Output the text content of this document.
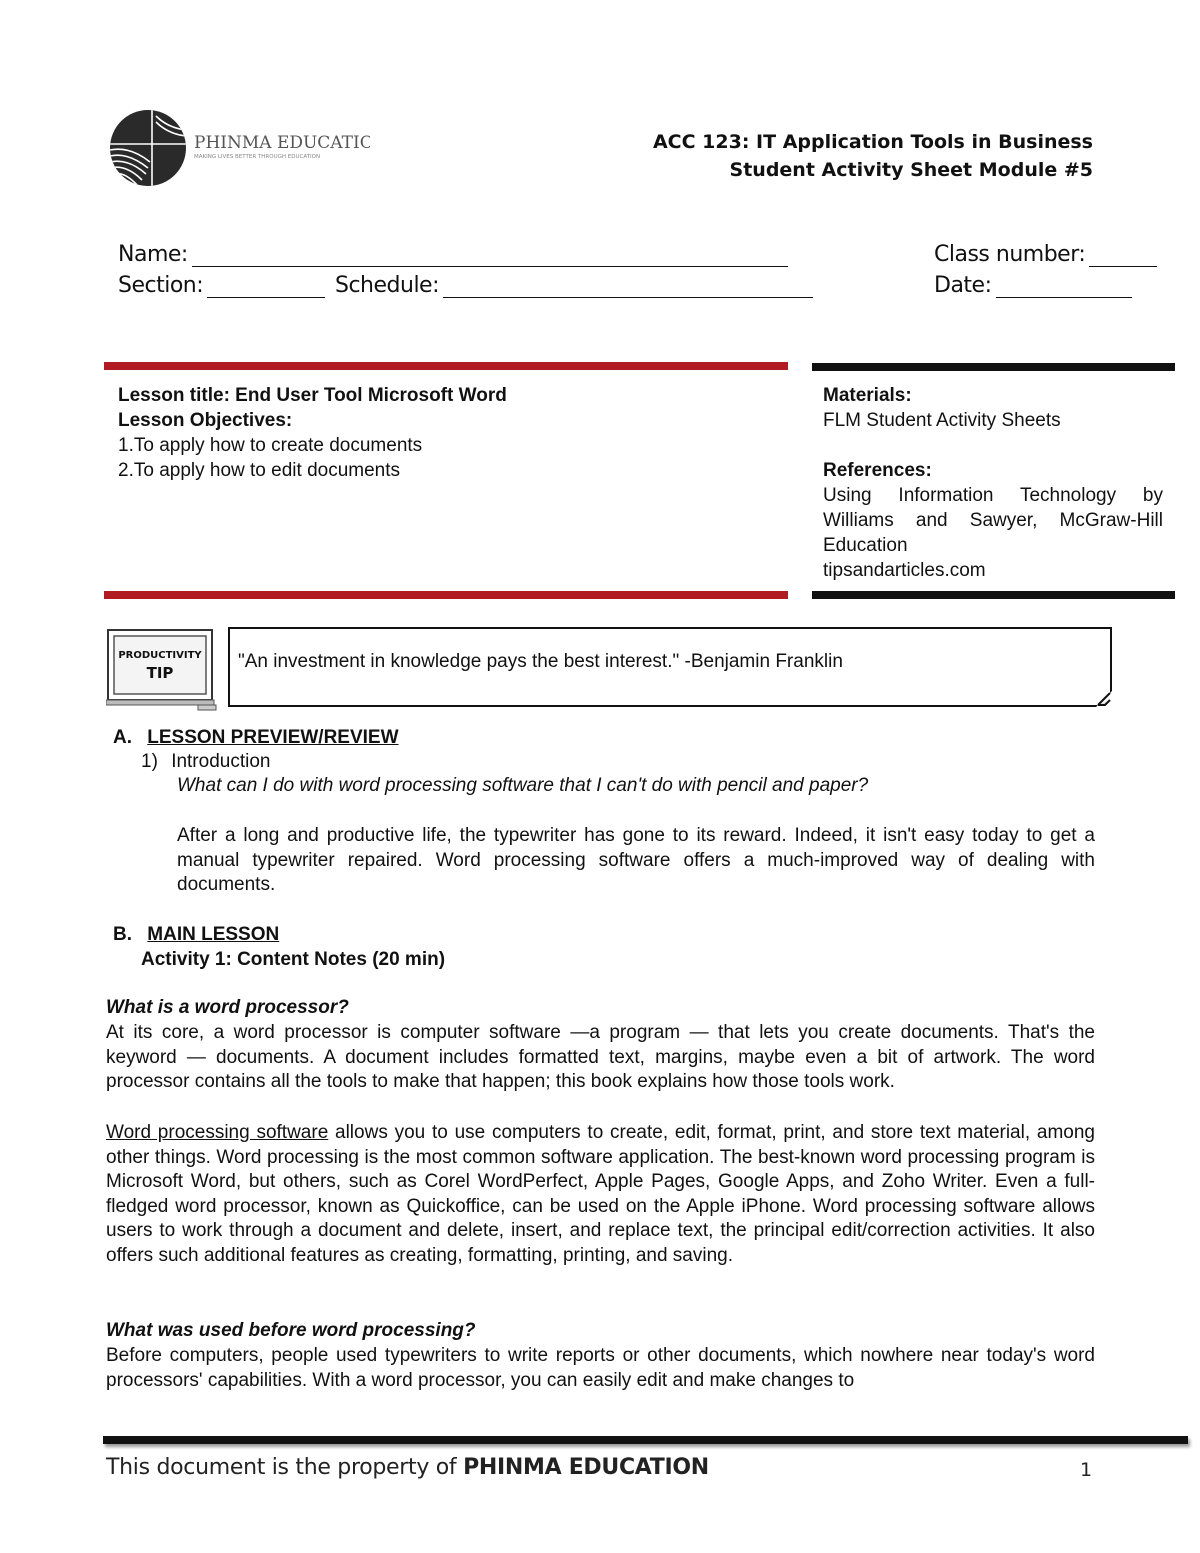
PHINMA EDUCATION
MAKING LIVES BETTER THROUGH EDUCATION
ACC 123: IT Application Tools in Business
Student Activity Sheet Module #5
Name:	Class number:
Section:	Schedule:	Date:
Lesson title: End User Tool Microsoft Word
Lesson Objectives:
1.To apply how to create documents
2.To apply how to edit documents
Materials:
FLM Student Activity Sheets
References:
Using Information Technology by Williams and Sawyer, McGraw-Hill Education
tipsandarticles.com
PRODUCTIVITY
TIP
"An investment in knowledge pays the best interest." -Benjamin Franklin
A. LESSON PREVIEW/REVIEW
1) Introduction
What can I do with word processing software that I can't do with pencil and paper?
After a long and productive life, the typewriter has gone to its reward. Indeed, it isn't easy today to get a manual typewriter repaired. Word processing software offers a much-improved way of dealing with documents.
B. MAIN LESSON
Activity 1: Content Notes (20 min)
What is a word processor?
At its core, a word processor is computer software —a program — that lets you create documents. That's the keyword — documents. A document includes formatted text, margins, maybe even a bit of artwork. The word processor contains all the tools to make that happen; this book explains how those tools work.
Word processing software allows you to use computers to create, edit, format, print, and store text material, among other things. Word processing is the most common software application. The best-known word processing program is Microsoft Word, but others, such as Corel WordPerfect, Apple Pages, Google Apps, and Zoho Writer. Even a full-fledged word processor, known as Quickoffice, can be used on the Apple iPhone. Word processing software allows users to work through a document and delete, insert, and replace text, the principal edit/correction activities. It also offers such additional features as creating, formatting, printing, and saving.
What was used before word processing?
Before computers, people used typewriters to write reports or other documents, which nowhere near today's word processors' capabilities. With a word processor, you can easily edit and make changes to
This document is the property of PHINMA EDUCATION	1
